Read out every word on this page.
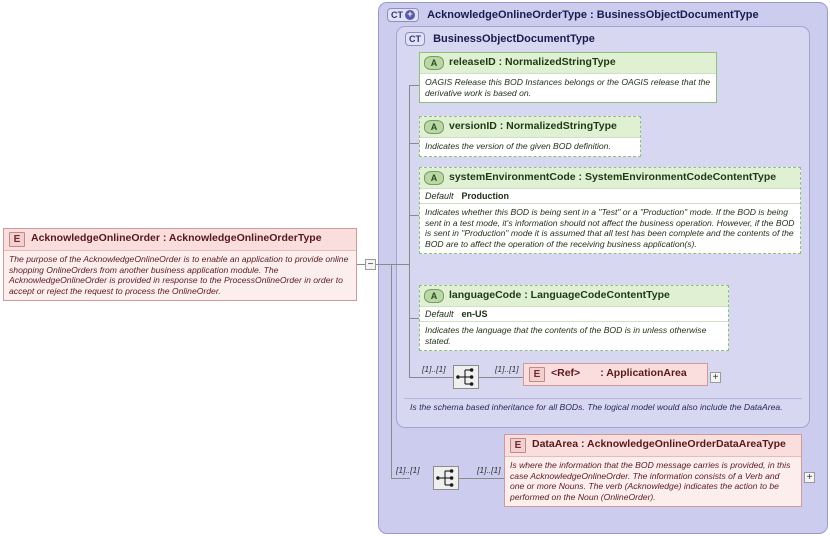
CT + AcknowledgeOnlineOrderType : BusinessObjectDocumentType
CT BusinessObjectDocumentType
−
E	AcknowledgeOnlineOrder : AcknowledgeOnlineOrderType
The purpose of the AcknowledgeOnlineOrder is to enable an application to provide online shopping OnlineOrders from another business application module. The AcknowledgeOnlineOrder is provided in response to the ProcessOnlineOrder in order to accept or reject the request to process the OnlineOrder.
A	releaseID : NormalizedStringType
OAGIS Release this BOD Instances belongs or the OAGIS release that the derivative work is based on.
A	versionID : NormalizedStringType
Indicates the version of the given BOD definition.
A	systemEnvironmentCode : SystemEnvironmentCodeContentType
Default Production
Indicates whether this BOD is being sent in a "Test" or a "Production" mode. If the BOD is being sent in a test mode, it's information should not affect the business operation. However, if the BOD is sent in "Production" mode it is assumed that all test has been complete and the contents of the BOD are to affect the operation of the receiving business application(s).
A	languageCode : LanguageCodeContentType
Default en-US
Indicates the language that the contents of the BOD is in unless otherwise stated.
[1]..[1]	[1]..[1]	E	<Ref> : ApplicationArea	+
Is the schema based inheritance for all BODs. The logical model would also include the DataArea.
[1]..[1]	[1]..[1]
E	DataArea : AcknowledgeOnlineOrderDataAreaType
Is where the information that the BOD message carries is provided, in this case AcknowledgeOnlineOrder. The information consists of a Verb and one or more Nouns. The verb (Acknowledge) indicates the action to be performed on the Noun (OnlineOrder).
+
